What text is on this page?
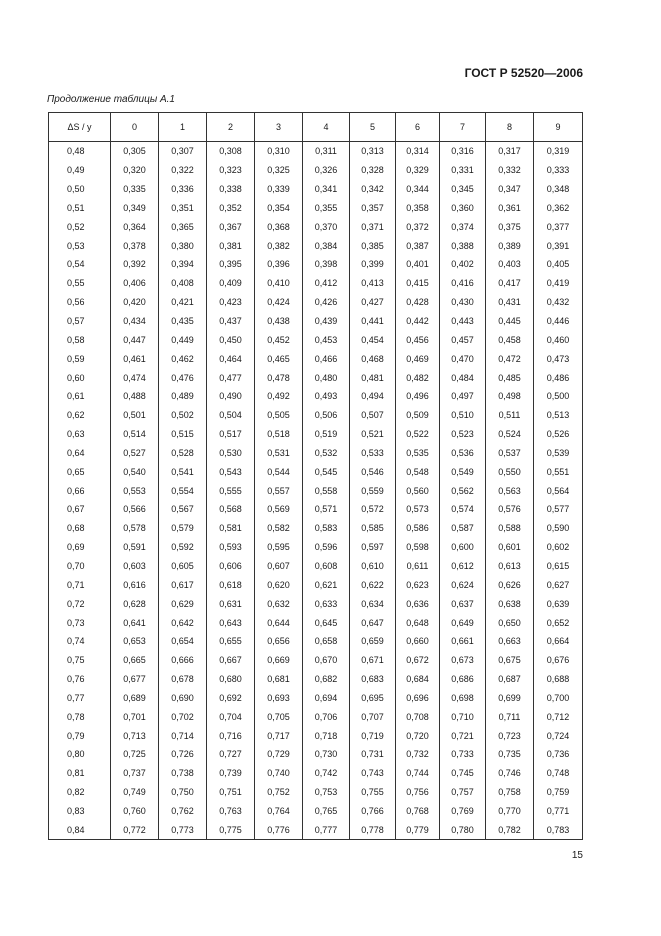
ГОСТ Р 52520—2006
Продолжение таблицы А.1
ΔS / y	0	1	2	3	4	5	6	7	8	9
0,48	0,305	0,307	0,308	0,310	0,311	0,313	0,314	0,316	0,317	0,319
0,49	0,320	0,322	0,323	0,325	0,326	0,328	0,329	0,331	0,332	0,333
0,50	0,335	0,336	0,338	0,339	0,341	0,342	0,344	0,345	0,347	0,348
0,51	0,349	0,351	0,352	0,354	0,355	0,357	0,358	0,360	0,361	0,362
0,52	0,364	0,365	0,367	0,368	0,370	0,371	0,372	0,374	0,375	0,377
0,53	0,378	0,380	0,381	0,382	0,384	0,385	0,387	0,388	0,389	0,391
0,54	0,392	0,394	0,395	0,396	0,398	0,399	0,401	0,402	0,403	0,405
0,55	0,406	0,408	0,409	0,410	0,412	0,413	0,415	0,416	0,417	0,419
0,56	0,420	0,421	0,423	0,424	0,426	0,427	0,428	0,430	0,431	0,432
0,57	0,434	0,435	0,437	0,438	0,439	0,441	0,442	0,443	0,445	0,446
0,58	0,447	0,449	0,450	0,452	0,453	0,454	0,456	0,457	0,458	0,460
0,59	0,461	0,462	0,464	0,465	0,466	0,468	0,469	0,470	0,472	0,473
0,60	0,474	0,476	0,477	0,478	0,480	0,481	0,482	0,484	0,485	0,486
0,61	0,488	0,489	0,490	0,492	0,493	0,494	0,496	0,497	0,498	0,500
0,62	0,501	0,502	0,504	0,505	0,506	0,507	0,509	0,510	0,511	0,513
0,63	0,514	0,515	0,517	0,518	0,519	0,521	0,522	0,523	0,524	0,526
0,64	0,527	0,528	0,530	0,531	0,532	0,533	0,535	0,536	0,537	0,539
0,65	0,540	0,541	0,543	0,544	0,545	0,546	0,548	0,549	0,550	0,551
0,66	0,553	0,554	0,555	0,557	0,558	0,559	0,560	0,562	0,563	0,564
0,67	0,566	0,567	0,568	0,569	0,571	0,572	0,573	0,574	0,576	0,577
0,68	0,578	0,579	0,581	0,582	0,583	0,585	0,586	0,587	0,588	0,590
0,69	0,591	0,592	0,593	0,595	0,596	0,597	0,598	0,600	0,601	0,602
0,70	0,603	0,605	0,606	0,607	0,608	0,610	0,611	0,612	0,613	0,615
0,71	0,616	0,617	0,618	0,620	0,621	0,622	0,623	0,624	0,626	0,627
0,72	0,628	0,629	0,631	0,632	0,633	0,634	0,636	0,637	0,638	0,639
0,73	0,641	0,642	0,643	0,644	0,645	0,647	0,648	0,649	0,650	0,652
0,74	0,653	0,654	0,655	0,656	0,658	0,659	0,660	0,661	0,663	0,664
0,75	0,665	0,666	0,667	0,669	0,670	0,671	0,672	0,673	0,675	0,676
0,76	0,677	0,678	0,680	0,681	0,682	0,683	0,684	0,686	0,687	0,688
0,77	0,689	0,690	0,692	0,693	0,694	0,695	0,696	0,698	0,699	0,700
0,78	0,701	0,702	0,704	0,705	0,706	0,707	0,708	0,710	0,711	0,712
0,79	0,713	0,714	0,716	0,717	0,718	0,719	0,720	0,721	0,723	0,724
0,80	0,725	0,726	0,727	0,729	0,730	0,731	0,732	0,733	0,735	0,736
0,81	0,737	0,738	0,739	0,740	0,742	0,743	0,744	0,745	0,746	0,748
0,82	0,749	0,750	0,751	0,752	0,753	0,755	0,756	0,757	0,758	0,759
0,83	0,760	0,762	0,763	0,764	0,765	0,766	0,768	0,769	0,770	0,771
0,84	0,772	0,773	0,775	0,776	0,777	0,778	0,779	0,780	0,782	0,783
15
